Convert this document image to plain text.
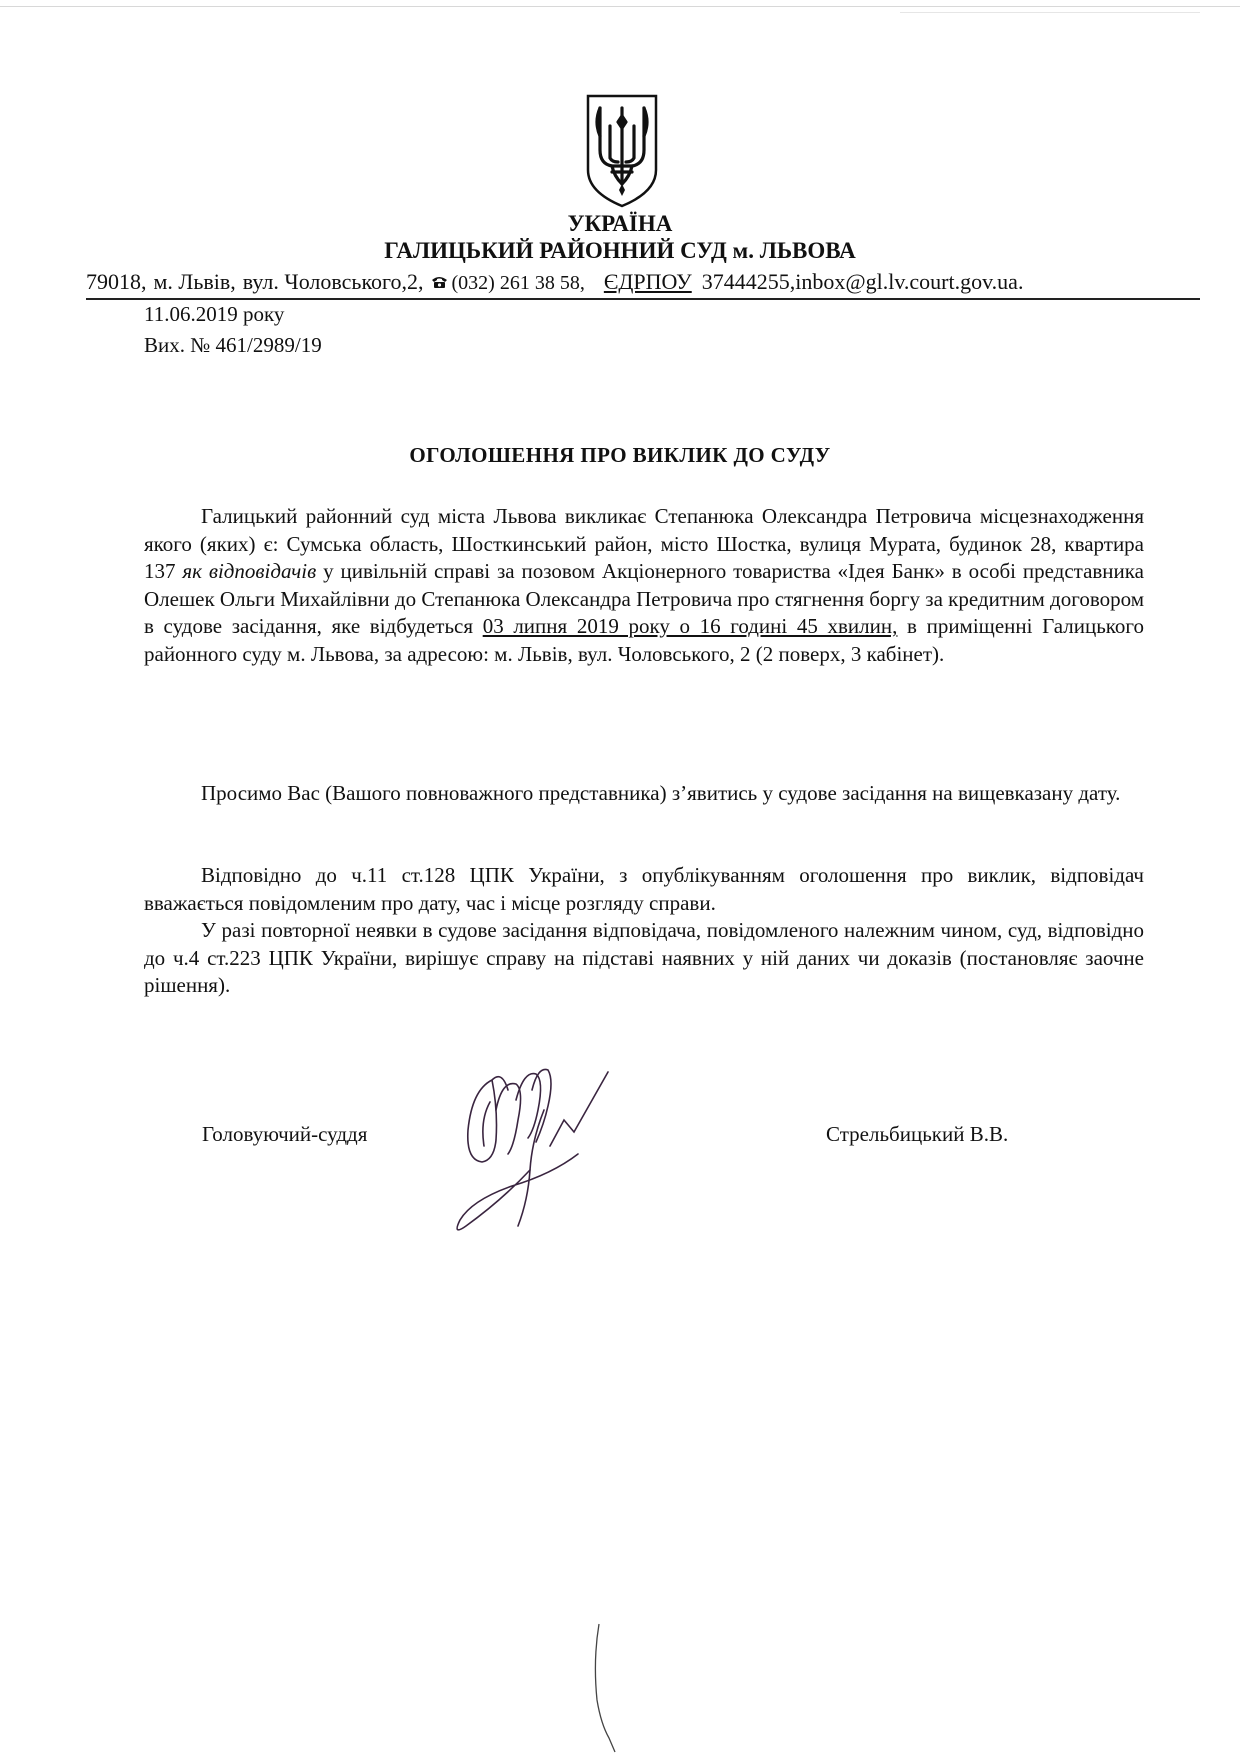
УКРАЇНА
ГАЛИЦЬКИЙ РАЙОННИЙ СУД м. ЛЬВОВА
79018, м. Львів, вул. Чоловського,2, (032) 261 38 58, ЄДРПОУ 37444255,inbox@gl.lv.court.gov.ua.
11.06.2019 року
Вих. № 461/2989/19
ОГОЛОШЕННЯ ПРО ВИКЛИК ДО СУДУ

Галицький районний суд міста Львова викликає Степанюка Олександра Петровича місцезнаходження якого (яких) є: Сумська область, Шосткинський район, місто Шостка, вулиця Мурата, будинок 28, квартира 137 як відповідачів у цивільній справі за позовом Акціонерного товариства «Ідея Банк» в особі представника Олешек Ольги Михайлівни до Степанюка Олександра Петровича про стягнення боргу за кредитним договором в судове засідання, яке відбудеться 03 липня 2019 року о 16 годині 45 хвилин, в приміщенні Галицького районного суду м. Львова, за адресою: м. Львів, вул. Чоловського, 2 (2 поверх, 3 кабінет).

Просимо Вас (Вашого повноважного представника) з’явитись у судове засідання на вищевказану дату.

Відповідно до ч.11 ст.128 ЦПК України, з опублікуванням оголошення про виклик, відповідач вважається повідомленим про дату, час і місце розгляду справи.

У разі повторної неявки в судове засідання відповідача, повідомленого належним чином, суд, відповідно до ч.4 ст.223 ЦПК України, вирішує справу на підставі наявних у ній даних чи доказів (постановляє заочне рішення).

Головуючий-суддя	Стрельбицький В.В.
